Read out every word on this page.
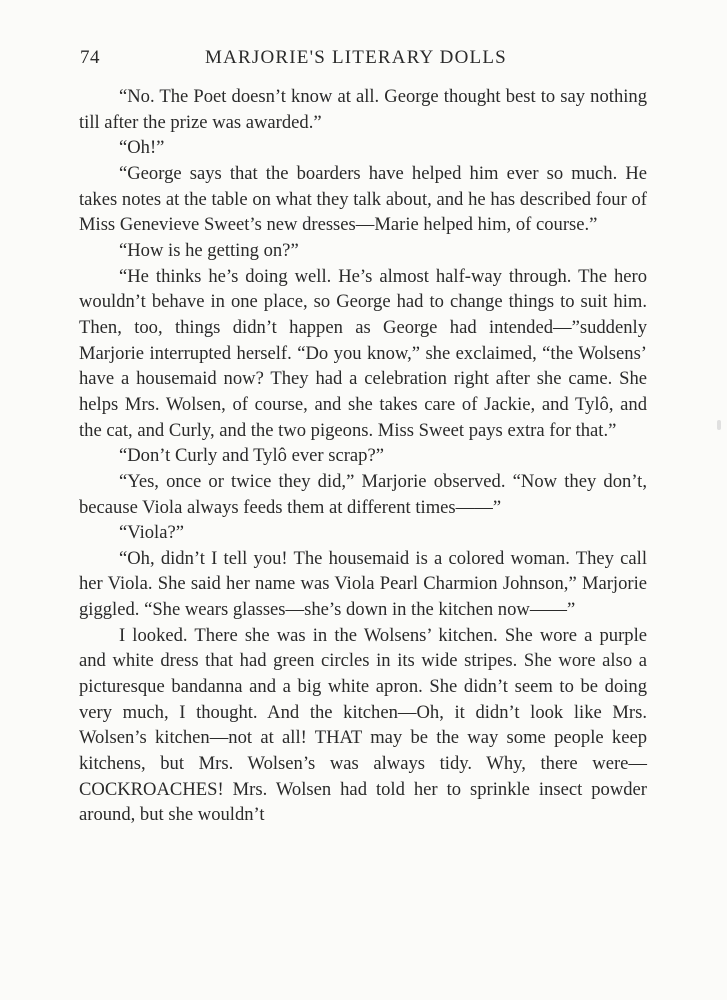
74	MARJORIE'S LITERARY DOLLS

“No. The Poet doesn’t know at all. George thought best to say nothing till after the prize was awarded.”

“Oh!”

“George says that the boarders have helped him ever so much. He takes notes at the table on what they talk about, and he has described four of Miss Genevieve Sweet’s new dresses—Marie helped him, of course.”

“How is he getting on?”

“He thinks he’s doing well. He’s almost half-way through. The hero wouldn’t behave in one place, so George had to change things to suit him. Then, too, things didn’t happen as George had intended—”suddenly Marjorie interrupted herself. “Do you know,” she exclaimed, “the Wolsens’ have a housemaid now? They had a celebration right after she came. She helps Mrs. Wolsen, of course, and she takes care of Jackie, and Tylô, and the cat, and Curly, and the two pigeons. Miss Sweet pays extra for that.”

“Don’t Curly and Tylô ever scrap?”

“Yes, once or twice they did,” Marjorie observed. “Now they don’t, because Viola always feeds them at different times——”

“Viola?”

“Oh, didn’t I tell you! The housemaid is a colored woman. They call her Viola. She said her name was Viola Pearl Charmion Johnson,” Marjorie giggled. “She wears glasses—she’s down in the kitchen now——”

I looked. There she was in the Wolsens’ kitchen. She wore a purple and white dress that had green circles in its wide stripes. She wore also a picturesque bandanna and a big white apron. She didn’t seem to be doing very much, I thought. And the kitchen—Oh, it didn’t look like Mrs. Wolsen’s kitchen—not at all! THAT may be the way some people keep kitchens, but Mrs. Wolsen’s was always tidy. Why, there were—COCKROACHES! Mrs. Wolsen had told her to sprinkle insect powder around, but she wouldn’t
